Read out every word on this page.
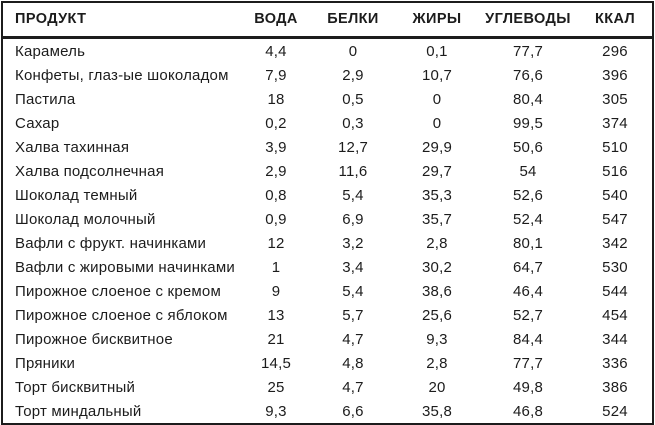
ПРОДУКТ	ВОДА	БЕЛКИ	ЖИРЫ	УГЛЕВОДЫ	ККАЛ
Карамель	4,4	0	0,1	77,7	296
Конфеты, глаз-ые шоколадом	7,9	2,9	10,7	76,6	396
Пастила	18	0,5	0	80,4	305
Сахар	0,2	0,3	0	99,5	374
Халва тахинная	3,9	12,7	29,9	50,6	510
Халва подсолнечная	2,9	11,6	29,7	54	516
Шоколад темный	0,8	5,4	35,3	52,6	540
Шоколад молочный	0,9	6,9	35,7	52,4	547
Вафли с фрукт. начинками	12	3,2	2,8	80,1	342
Вафли с жировыми начинками	1	3,4	30,2	64,7	530
Пирожное слоеное с кремом	9	5,4	38,6	46,4	544
Пирожное слоеное с яблоком	13	5,7	25,6	52,7	454
Пирожное бисквитное	21	4,7	9,3	84,4	344
Пряники	14,5	4,8	2,8	77,7	336
Торт бисквитный	25	4,7	20	49,8	386
Торт миндальный	9,3	6,6	35,8	46,8	524
